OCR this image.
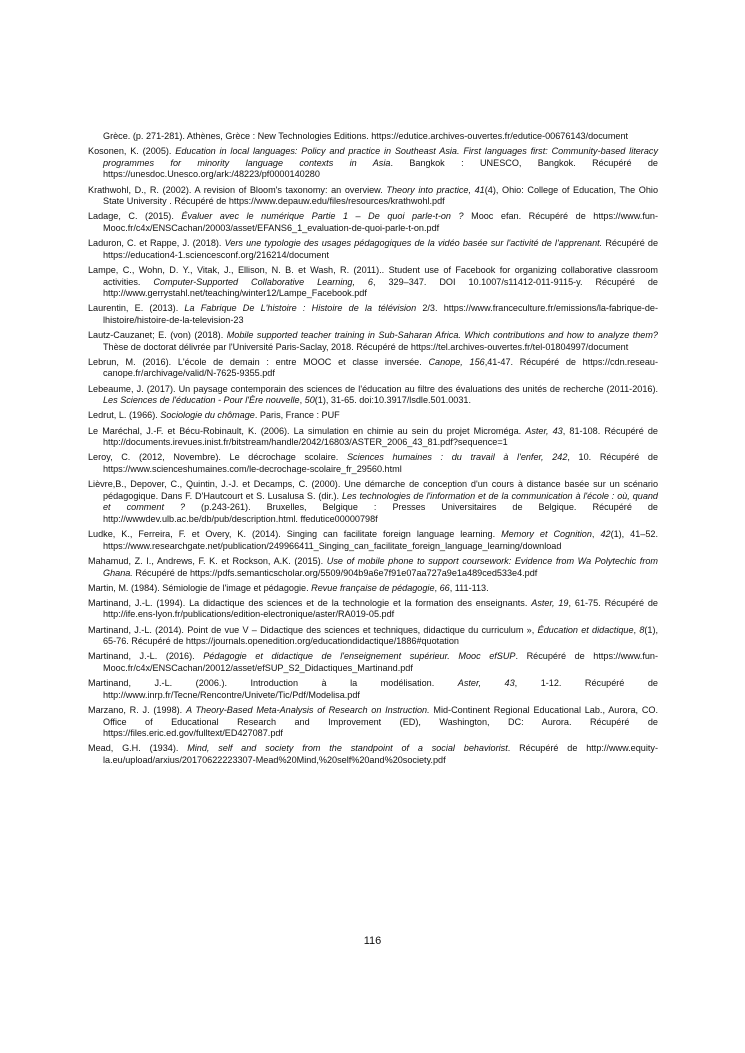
Grèce. (p. 271-281). Athènes, Grèce : New Technologies Editions. https://edutice.archives-ouvertes.fr/edutice-00676143/document

Kosonen, K. (2005). Education in local languages: Policy and practice in Southeast Asia. First languages first: Community-based literacy programmes for minority language contexts in Asia. Bangkok : UNESCO, Bangkok. Récupéré de https://unesdoc.Unesco.org/ark:/48223/pf0000140280

Krathwohl, D., R. (2002). A revision of Bloom's taxonomy: an overview. Theory into practice, 41(4), Ohio: College of Education, The Ohio State University . Récupéré de https://www.depauw.edu/files/resources/krathwohl.pdf

Ladage, C. (2015). Évaluer avec le numérique Partie 1 – De quoi parle-t-on ? Mooc efan. Récupéré de https://www.fun-Mooc.fr/c4x/ENSCachan/20003/asset/EFANS6_1_evaluation-de-quoi-parle-t-on.pdf

Laduron, C. et Rappe, J. (2018). Vers une typologie des usages pédagogiques de la vidéo basée sur l'activité de l'apprenant. Récupéré de https://education4-1.sciencesconf.org/216214/document

Lampe, C., Wohn, D. Y., Vitak, J., Ellison, N. B. et Wash, R. (2011).. Student use of Facebook for organizing collaborative classroom activities. Computer-Supported Collaborative Learning, 6, 329–347. DOI 10.1007/s11412-011-9115-y. Récupéré de http://www.gerrystahl.net/teaching/winter12/Lampe_Facebook.pdf

Laurentin, E. (2013). La Fabrique De L'histoire : Histoire de la télévision 2/3. https://www.franceculture.fr/emissions/la-fabrique-de-lhistoire/histoire-de-la-television-23

Lautz-Cauzanet; E. (von) (2018). Mobile supported teacher training in Sub-Saharan Africa. Which contributions and how to analyze them? Thèse de doctorat délivrée par l'Université Paris-Saclay, 2018. Récupéré de https://tel.archives-ouvertes.fr/tel-01804997/document

Lebrun, M. (2016). L'école de demain : entre MOOC et classe inversée. Canope, 156,41-47. Récupéré de https://cdn.reseau-canope.fr/archivage/valid/N-7625-9355.pdf

Lebeaume, J. (2017). Un paysage contemporain des sciences de l'éducation au filtre des évaluations des unités de recherche (2011-2016). Les Sciences de l'éducation - Pour l'Ère nouvelle, 50(1), 31-65. doi:10.3917/lsdle.501.0031.

Ledrut, L. (1966). Sociologie du chômage. Paris, France : PUF

Le Maréchal, J.-F. et Bécu-Robinault, K. (2006). La simulation en chimie au sein du projet Microméga. Aster, 43, 81-108. Récupéré de http://documents.irevues.inist.fr/bitstream/handle/2042/16803/ASTER_2006_43_81.pdf?sequence=1

Leroy, C. (2012, Novembre). Le décrochage scolaire. Sciences humaines : du travail à l'enfer, 242, 10. Récupéré de https://www.scienceshumaines.com/le-decrochage-scolaire_fr_29560.html

Lièvre,B., Depover, C., Quintin, J.-J. et Decamps, C. (2000). Une démarche de conception d'un cours à distance basée sur un scénario pédagogique. Dans F. D'Hautcourt et S. Lusalusa S. (dir.). Les technologies de l'information et de la communication à l'école : où, quand et comment ? (p.243-261). Bruxelles, Belgique : Presses Universitaires de Belgique. Récupéré de http://wwwdev.ulb.ac.be/db/pub/description.html. ffedutice00000798f

Ludke, K., Ferreira, F. et Overy, K. (2014). Singing can facilitate foreign language learning. Memory et Cognition, 42(1), 41–52. https://www.researchgate.net/publication/249966411_Singing_can_facilitate_foreign_language_learning/download

Mahamud, Z. I., Andrews, F. K. et Rockson, A.K. (2015). Use of mobile phone to support coursework: Evidence from Wa Polytechic from Ghana. Récupéré de https://pdfs.semanticscholar.org/5509/904b9a6e7f91e07aa727a9e1a489ced533e4.pdf

Martin, M. (1984). Sémiologie de l'image et pédagogie. Revue française de pédagogie, 66, 111-113.

Martinand, J.-L. (1994). La didactique des sciences et de la technologie et la formation des enseignants. Aster, 19, 61-75. Récupéré de http://ife.ens-lyon.fr/publications/edition-electronique/aster/RA019-05.pdf

Martinand, J.-L. (2014). Point de vue V – Didactique des sciences et techniques, didactique du curriculum », Éducation et didactique, 8(1), 65-76. Récupéré de https://journals.openedition.org/educationdidactique/1886#quotation

Martinand, J.-L. (2016). Pédagogie et didactique de l'enseignement supérieur. Mooc efSUP. Récupéré de https://www.fun-Mooc.fr/c4x/ENSCachan/20012/asset/efSUP_S2_Didactiques_Martinand.pdf

Martinand, J.-L. (2006.). Introduction à la modélisation. Aster, 43, 1-12. Récupéré de http://www.inrp.fr/Tecne/Rencontre/Univete/Tic/Pdf/Modelisa.pdf

Marzano, R. J. (1998). A Theory-Based Meta-Analysis of Research on Instruction. Mid-Continent Regional Educational Lab., Aurora, CO. Office of Educational Research and Improvement (ED), Washington, DC: Aurora. Récupéré de https://files.eric.ed.gov/fulltext/ED427087.pdf

Mead, G.H. (1934). Mind, self and society from the standpoint of a social behaviorist. Récupéré de http://www.equity-la.eu/upload/arxius/20170622223307-Mead%20Mind,%20self%20and%20society.pdf

116
